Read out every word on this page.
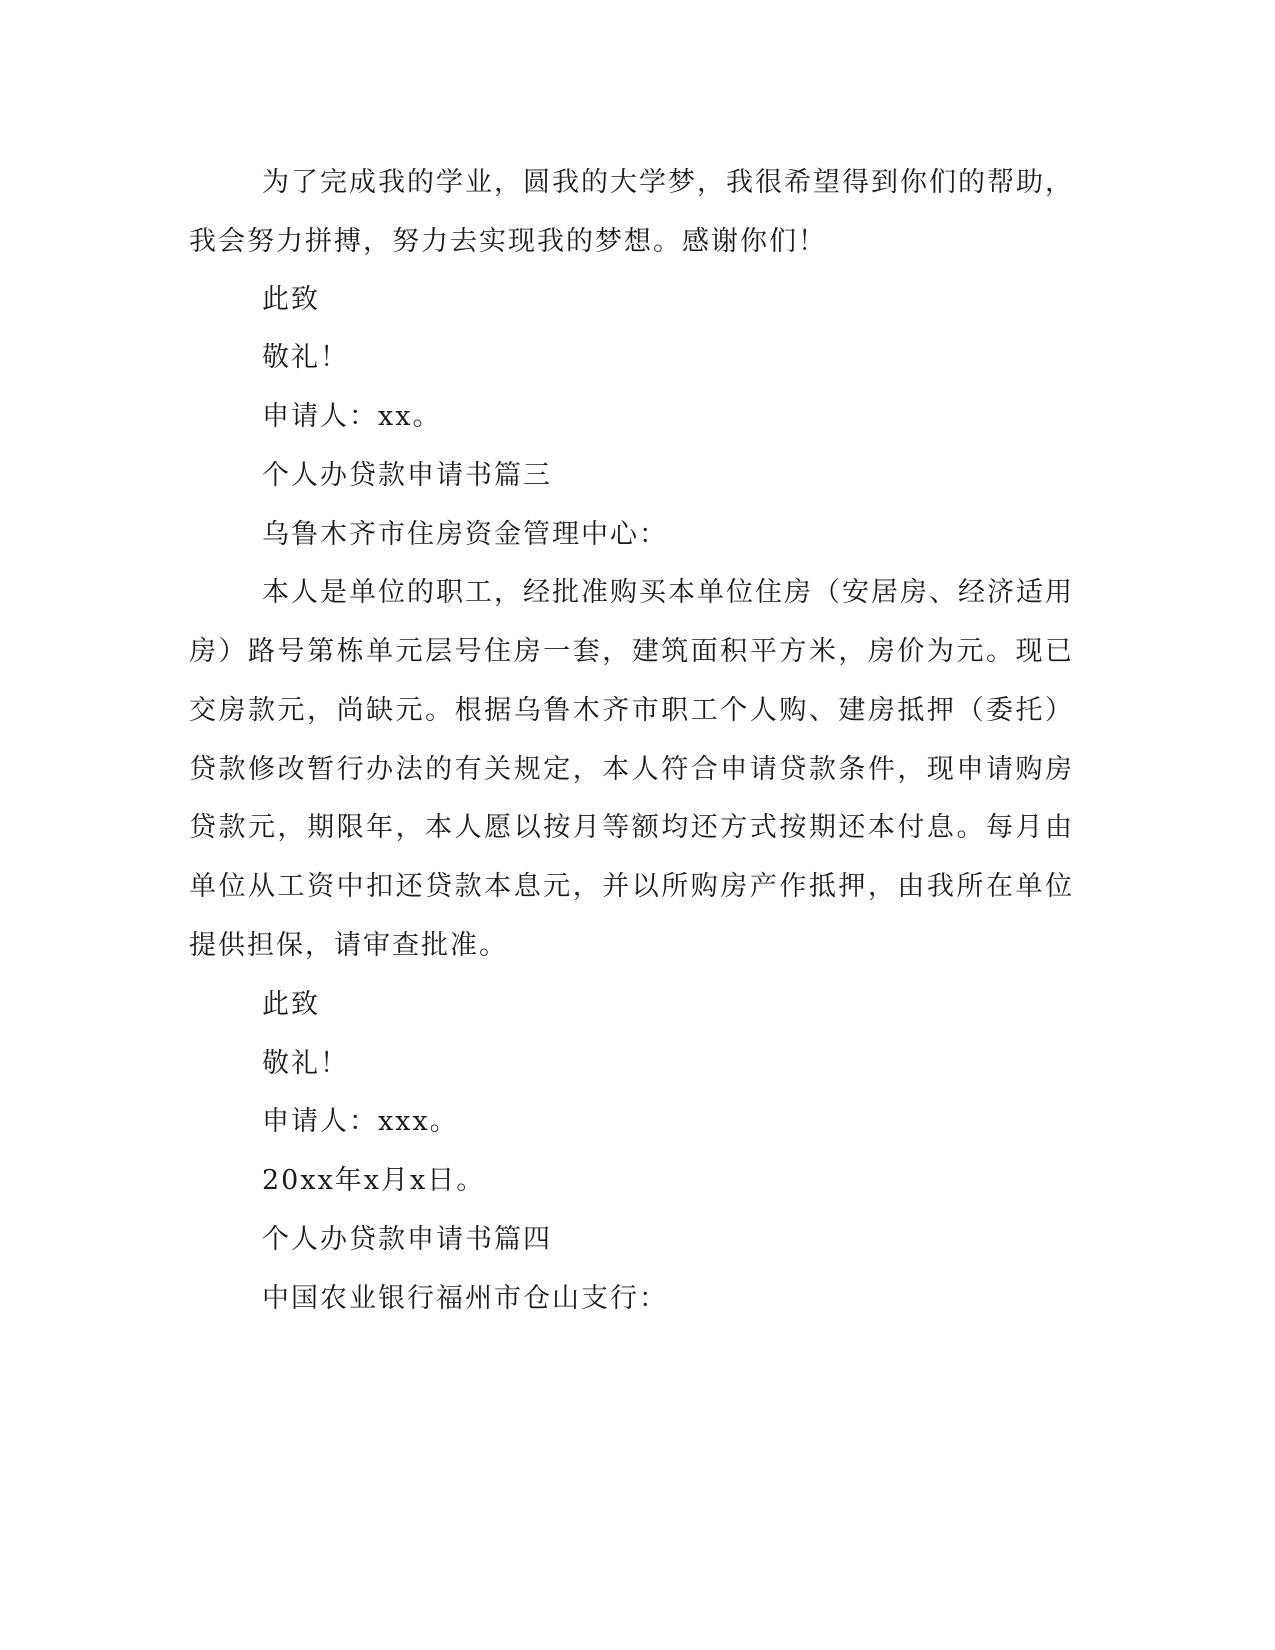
为了完成我的学业，圆我的大学梦，我很希望得到你们的帮助，
我会努力拼搏，努力去实现我的梦想。感谢你们！
此致
敬礼！
申请人：xx。
个人办贷款申请书篇三
乌鲁木齐市住房资金管理中心：
本人是单位的职工，经批准购买本单位住房（安居房、经济适用
房）路号第栋单元层号住房一套，建筑面积平方米，房价为元。现已
交房款元，尚缺元。根据乌鲁木齐市职工个人购、建房抵押（委托）
贷款修改暂行办法的有关规定，本人符合申请贷款条件，现申请购房
贷款元，期限年，本人愿以按月等额均还方式按期还本付息。每月由
单位从工资中扣还贷款本息元，并以所购房产作抵押，由我所在单位
提供担保，请审查批准。
此致
敬礼！
申请人：xxx。
20xx年x月x日。
个人办贷款申请书篇四
中国农业银行福州市仓山支行：
